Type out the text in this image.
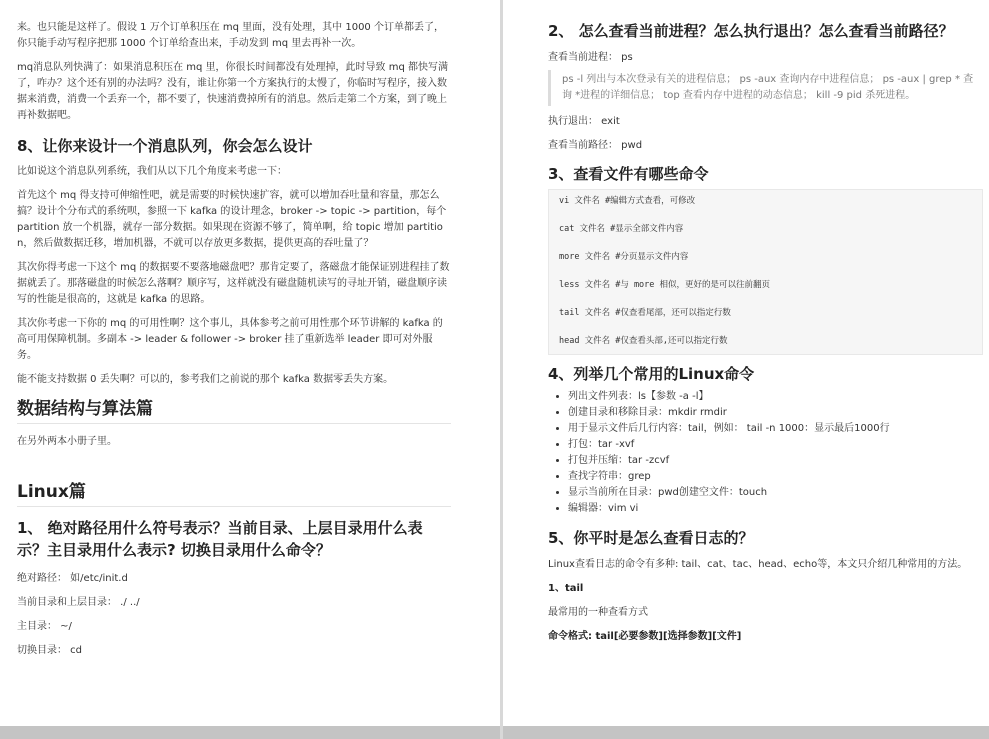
来。也只能是这样了。假设 1 万个订单积压在 mq 里面，没有处理，其中 1000 个订单都丢了，你只能手动写程序把那 1000 个订单给查出来，手动发到 mq 里去再补一次。

mq消息队列快满了：如果消息积压在 mq 里，你很长时间都没有处理掉，此时导致 mq 都快写满了，咋办？这个还有别的办法吗？没有，谁让你第一个方案执行的太慢了，你临时写程序，接入数据来消费，消费一个丢弃一个，都不要了，快速消费掉所有的消息。然后走第二个方案，到了晚上再补数据吧。

8、让你来设计一个消息队列，你会怎么设计

比如说这个消息队列系统，我们从以下几个角度来考虑一下：

首先这个 mq 得支持可伸缩性吧，就是需要的时候快速扩容，就可以增加吞吐量和容量，那怎么搞？设计个分布式的系统呗，参照一下 kafka 的设计理念，broker -> topic -> partition，每个 partition 放一个机器，就存一部分数据。如果现在资源不够了，简单啊，给 topic 增加 partition，然后做数据迁移，增加机器，不就可以存放更多数据，提供更高的吞吐量了？

其次你得考虑一下这个 mq 的数据要不要落地磁盘吧？那肯定要了，落磁盘才能保证别进程挂了数据就丢了。那落磁盘的时候怎么落啊？顺序写，这样就没有磁盘随机读写的寻址开销，磁盘顺序读写的性能是很高的，这就是 kafka 的思路。

其次你考虑一下你的 mq 的可用性啊？这个事儿，具体参考之前可用性那个环节讲解的 kafka 的高可用保障机制。多副本 -> leader & follower -> broker 挂了重新选举 leader 即可对外服务。

能不能支持数据 0 丢失啊？可以的，参考我们之前说的那个 kafka 数据零丢失方案。

数据结构与算法篇

在另外两本小册子里。

Linux篇
1、 绝对路径用什么符号表示？当前目录、上层目录用什么表示？主目录用什么表示? 切换目录用什么命令？

绝对路径： 如/etc/init.d

当前目录和上层目录： ./ ../

主目录： ~/

切换目录： cd

2、 怎么查看当前进程？怎么执行退出？怎么查看当前路径？

查看当前进程： ps

ps -l 列出与本次登录有关的进程信息； ps -aux 查询内存中进程信息； ps -aux | grep * 查询 *进程的详细信息； top 查看内存中进程的动态信息； kill -9 pid 杀死进程。

执行退出： exit

查看当前路径： pwd

3、查看文件有哪些命令
vi 文件名 #编辑方式查看，可修改
cat 文件名 #显示全部文件内容
more 文件名 #分页显示文件内容
less 文件名 #与 more 相似，更好的是可以往前翻页
tail 文件名 #仅查看尾部，还可以指定行数
head 文件名 #仅查看头部,还可以指定行数
4、列举几个常用的Linux命令
• 列出文件列表：ls【参数 -a -l】
• 创建目录和移除目录：mkdir rmdir
• 用于显示文件后几行内容：tail，例如： tail -n 1000：显示最后1000行
• 打包：tar -xvf
• 打包并压缩：tar -zcvf
• 查找字符串：grep
• 显示当前所在目录：pwd创建空文件：touch
• 编辑器：vim vi
5、你平时是怎么查看日志的？

Linux查看日志的命令有多种: tail、cat、tac、head、echo等，本文只介绍几种常用的方法。

1、tail

最常用的一种查看方式

命令格式: tail[必要参数][选择参数][文件]
